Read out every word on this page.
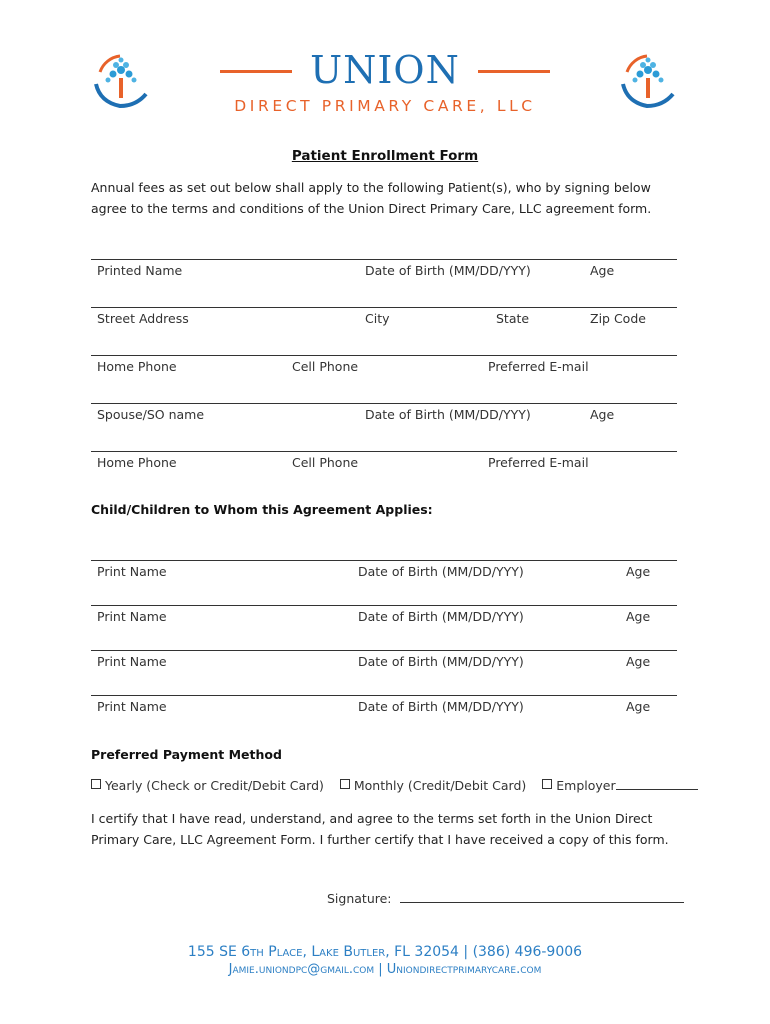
UNION
DIRECT PRIMARY CARE, LLC
Patient Enrollment Form
Annual fees as set out below shall apply to the following Patient(s), who by signing below agree to the terms and conditions of the Union Direct Primary Care, LLC agreement form.
Printed Name	Date of Birth (MM/DD/YYY)	Age
Street Address	City	State	Zip Code
Home Phone	Cell Phone	Preferred E-mail
Spouse/SO name	Date of Birth (MM/DD/YYY)	Age
Home Phone	Cell Phone	Preferred E-mail
Child/Children to Whom this Agreement Applies:
Print Name	Date of Birth (MM/DD/YYY)	Age
Print Name	Date of Birth (MM/DD/YYY)	Age
Print Name	Date of Birth (MM/DD/YYY)	Age
Print Name	Date of Birth (MM/DD/YYY)	Age
Preferred Payment Method
Yearly (Check or Credit/Debit Card) Monthly (Credit/Debit Card) Employer
I certify that I have read, understand, and agree to the terms set forth in the Union Direct Primary Care, LLC Agreement Form. I further certify that I have received a copy of this form.
Signature:
155 SE 6th Place, Lake Butler, FL 32054 | (386) 496-9006
Jamie.uniondpc@gmail.com | Uniondirectprimarycare.com
